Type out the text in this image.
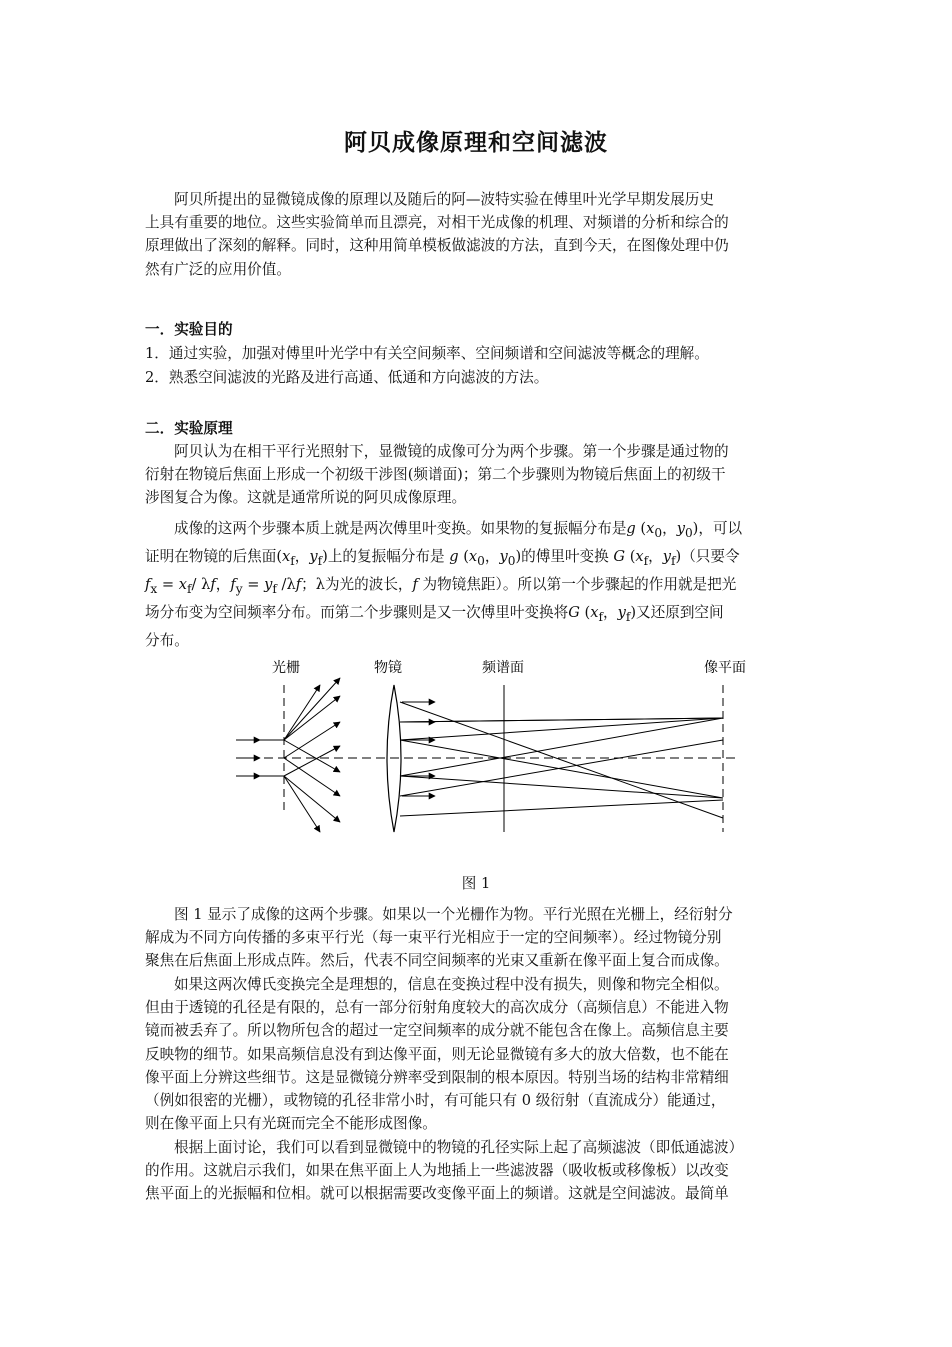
阿贝成像原理和空间滤波
阿贝所提出的显微镜成像的原理以及随后的阿—波特实验在傅里叶光学早期发展历史
上具有重要的地位。这些实验简单而且漂亮，对相干光成像的机理、对频谱的分析和综合的
原理做出了深刻的解释。同时，这种用简单模板做滤波的方法，直到今天，在图像处理中仍
然有广泛的应用价值。
一．实验目的
1．通过实验，加强对傅里叶光学中有关空间频率、空间频谱和空间滤波等概念的理解。
2．熟悉空间滤波的光路及进行高通、低通和方向滤波的方法。
二．实验原理
阿贝认为在相干平行光照射下，显微镜的成像可分为两个步骤。第一个步骤是通过物的
衍射在物镜后焦面上形成一个初级干涉图(频谱面)；第二个步骤则为物镜后焦面上的初级干
涉图复合为像。这就是通常所说的阿贝成像原理。
成像的这两个步骤本质上就是两次傅里叶变换。如果物的复振幅分布是g ($x_0$，$y_0$)，可以
证明在物镜的后焦面($x_f$，$y_f$)上的复振幅分布是 g ($x_0$，$y_0$)的傅里叶变换 G ($x_f$，$y_f$)（只要令
$f_x = x_f/$ λf，$f_y = y_f$ /λf；λ为光的波长，f 为物镜焦距）。所以第一个步骤起的作用就是把光
场分布变为空间频率分布。而第二个步骤则是又一次傅里叶变换将G ($x_f$，$y_f$)又还原到空间
分布。
光栅	物镜	频谱面	像平面
图 1
图 1 显示了成像的这两个步骤。如果以一个光栅作为物。平行光照在光栅上，经衍射分
解成为不同方向传播的多束平行光（每一束平行光相应于一定的空间频率）。经过物镜分别
聚焦在后焦面上形成点阵。然后，代表不同空间频率的光束又重新在像平面上复合而成像。
如果这两次傅氏变换完全是理想的，信息在变换过程中没有损失，则像和物完全相似。
但由于透镜的孔径是有限的，总有一部分衍射角度较大的高次成分（高频信息）不能进入物
镜而被丢弃了。所以物所包含的超过一定空间频率的成分就不能包含在像上。高频信息主要
反映物的细节。如果高频信息没有到达像平面，则无论显微镜有多大的放大倍数，也不能在
像平面上分辨这些细节。这是显微镜分辨率受到限制的根本原因。特别当场的结构非常精细
（例如很密的光栅），或物镜的孔径非常小时，有可能只有 0 级衍射（直流成分）能通过，
则在像平面上只有光斑而完全不能形成图像。
根据上面讨论，我们可以看到显微镜中的物镜的孔径实际上起了高频滤波（即低通滤波）
的作用。这就启示我们，如果在焦平面上人为地插上一些滤波器（吸收板或移像板）以改变
焦平面上的光振幅和位相。就可以根据需要改变像平面上的频谱。这就是空间滤波。最简单
